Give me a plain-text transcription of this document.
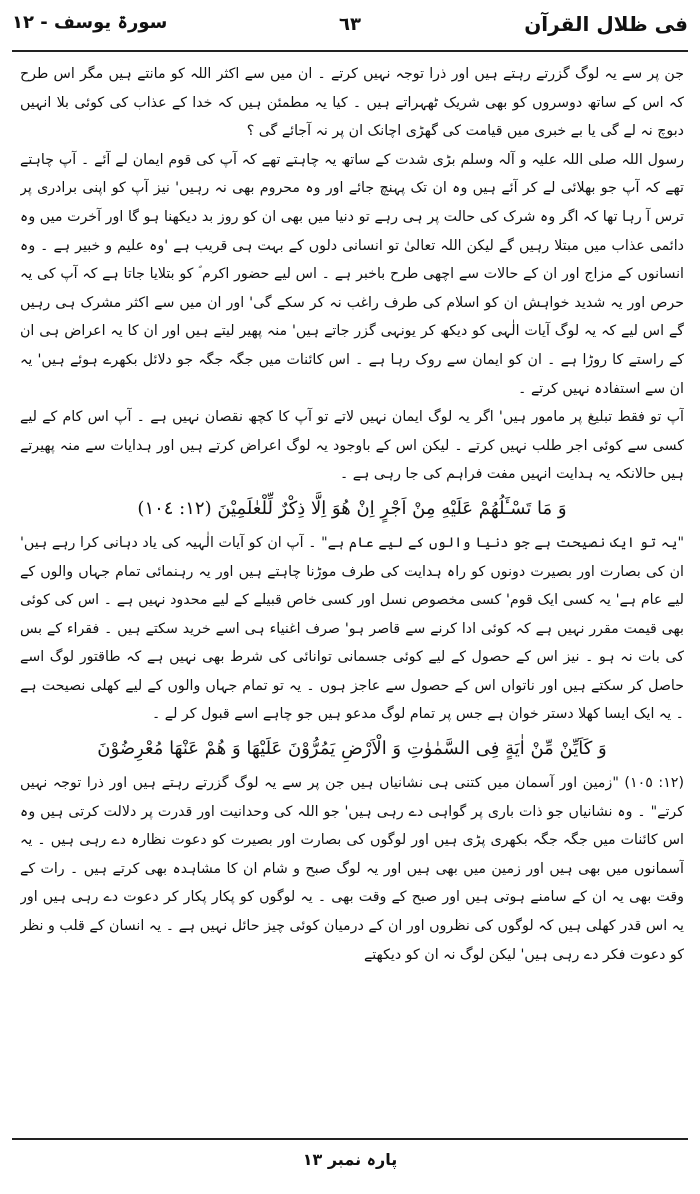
فی ظلال القرآن
٦٣
سورۃ یوسف - ١٢

جن پر سے یہ لوگ گزرتے رہتے ہیں اور ذرا توجہ نہیں کرتے ۔ ان میں سے اکثر اللہ کو مانتے ہیں مگر اس طرح کہ اس کے ساتھ دوسروں کو بھی شریک ٹھہراتے ہیں ۔ کیا یہ مطمئن ہیں کہ خدا کے عذاب کی کوئی بلا انہیں دبوچ نہ لے گی یا بے خبری میں قیامت کی گھڑی اچانک ان پر نہ آجائے گی ؟

رسول اللہ صلی اللہ علیہ و آلہ وسلم بڑی شدت کے ساتھ یہ چاہتے تھے کہ آپ کی قوم ایمان لے آئے ۔ آپ چاہتے تھے کہ آپ جو بھلائی لے کر آئے ہیں وہ ان تک پہنچ جائے اور وہ محروم بھی نہ رہیں' نیز آپ کو اپنی برادری پر ترس آ رہا تھا کہ اگر وہ شرک کی حالت پر ہی رہے تو دنیا میں بھی ان کو روز بد دیکھنا ہو گا اور آخرت میں وہ دائمی عذاب میں مبتلا رہیں گے لیکن اللہ تعالیٰ تو انسانی دلوں کے بہت ہی قریب ہے 'وہ علیم و خبیر ہے ۔ وہ انسانوں کے مزاج اور ان کے حالات سے اچھی طرح باخبر ہے ۔ اس لیے حضور اکرم ؐ کو بتلایا جاتا ہے کہ آپ کی یہ حرص اور یہ شدید خواہش ان کو اسلام کی طرف راغب نہ کر سکے گی' اور ان میں سے اکثر مشرک ہی رہیں گے اس لیے کہ یہ لوگ آیات الٰہی کو دیکھ کر یونہی گزر جاتے ہیں' منہ پھیر لیتے ہیں اور ان کا یہ اعراض ہی ان کے راستے کا روڑا ہے ۔ ان کو ایمان سے روک رہا ہے ۔ اس کائنات میں جگہ جگہ جو دلائل بکھرے ہوئے ہیں' یہ ان سے استفادہ نہیں کرتے ۔

آپ تو فقط تبلیغ پر مامور ہیں' اگر یہ لوگ ایمان نہیں لاتے تو آپ کا کچھ نقصان نہیں ہے ۔ آپ اس کام کے لیے کسی سے کوئی اجر طلب نہیں کرتے ۔ لیکن اس کے باوجود یہ لوگ اعراض کرتے ہیں اور ہدایات سے منہ پھیرتے ہیں حالانکہ یہ ہدایت انہیں مفت فراہم کی جا رہی ہے ۔

وَ مَا تَسْـَٔلُهُمْ عَلَیْهِ مِنْ اَجْرٍ اِنْ هُوَ اِلَّا ذِكْرٌ لِّلْعٰلَمِیْنَ (١٢: ١٠٤)

"یہ تو ایک نصیحت ہے جو دنیا والوں کے لیے عام ہے" ۔ آپ ان کو آیات الٰہیہ کی یاد دہانی کرا رہے ہیں' ان کی بصارت اور بصیرت دونوں کو راہ ہدایت کی طرف موڑنا چاہتے ہیں اور یہ رہنمائی تمام جہاں والوں کے لیے عام ہے' یہ کسی ایک قوم' کسی مخصوص نسل اور کسی خاص قبیلے کے لیے محدود نہیں ہے ۔ اس کی کوئی بھی قیمت مقرر نہیں ہے کہ کوئی ادا کرنے سے قاصر ہو' صرف اغنیاء ہی اسے خرید سکتے ہیں ۔ فقراء کے بس کی بات نہ ہو ۔ نیز اس کے حصول کے لیے کوئی جسمانی توانائی کی شرط بھی نہیں ہے کہ طاقتور لوگ اسے حاصل کر سکتے ہیں اور ناتواں اس کے حصول سے عاجز ہوں ۔ یہ تو تمام جہاں والوں کے لیے کھلی نصیحت ہے ۔ یہ ایک ایسا کھلا دستر خوان ہے جس پر تمام لوگ مدعو ہیں جو چاہے اسے قبول کر لے ۔

وَ كَاَیِّنْ مِّنْ اٰیَةٍ فِی السَّمٰوٰتِ وَ الْاَرْضِ یَمُرُّوْنَ عَلَیْهَا وَ هُمْ عَنْهَا مُعْرِضُوْنَ

(١٢: ١٠٥) "زمین اور آسمان میں کتنی ہی نشانیاں ہیں جن پر سے یہ لوگ گزرتے رہتے ہیں اور ذرا توجہ نہیں کرتے" ۔ وہ نشانیاں جو ذات باری پر گواہی دے رہی ہیں' جو اللہ کی وحدانیت اور قدرت پر دلالت کرتی ہیں وہ اس کائنات میں جگہ جگہ بکھری پڑی ہیں اور لوگوں کی بصارت اور بصیرت کو دعوت نظارہ دے رہی ہیں ۔ یہ آسمانوں میں بھی ہیں اور زمین میں بھی ہیں اور یہ لوگ صبح و شام ان کا مشاہدہ بھی کرتے ہیں ۔ رات کے وقت بھی یہ ان کے سامنے ہوتی ہیں اور صبح کے وقت بھی ۔ یہ لوگوں کو پکار پکار کر دعوت دے رہی ہیں اور یہ اس قدر کھلی ہیں کہ لوگوں کی نظروں اور ان کے درمیان کوئی چیز حائل نہیں ہے ۔ یہ انسان کے قلب و نظر کو دعوت فکر دے رہی ہیں' لیکن لوگ نہ ان کو دیکھتے

پارہ نمبر ١٣
